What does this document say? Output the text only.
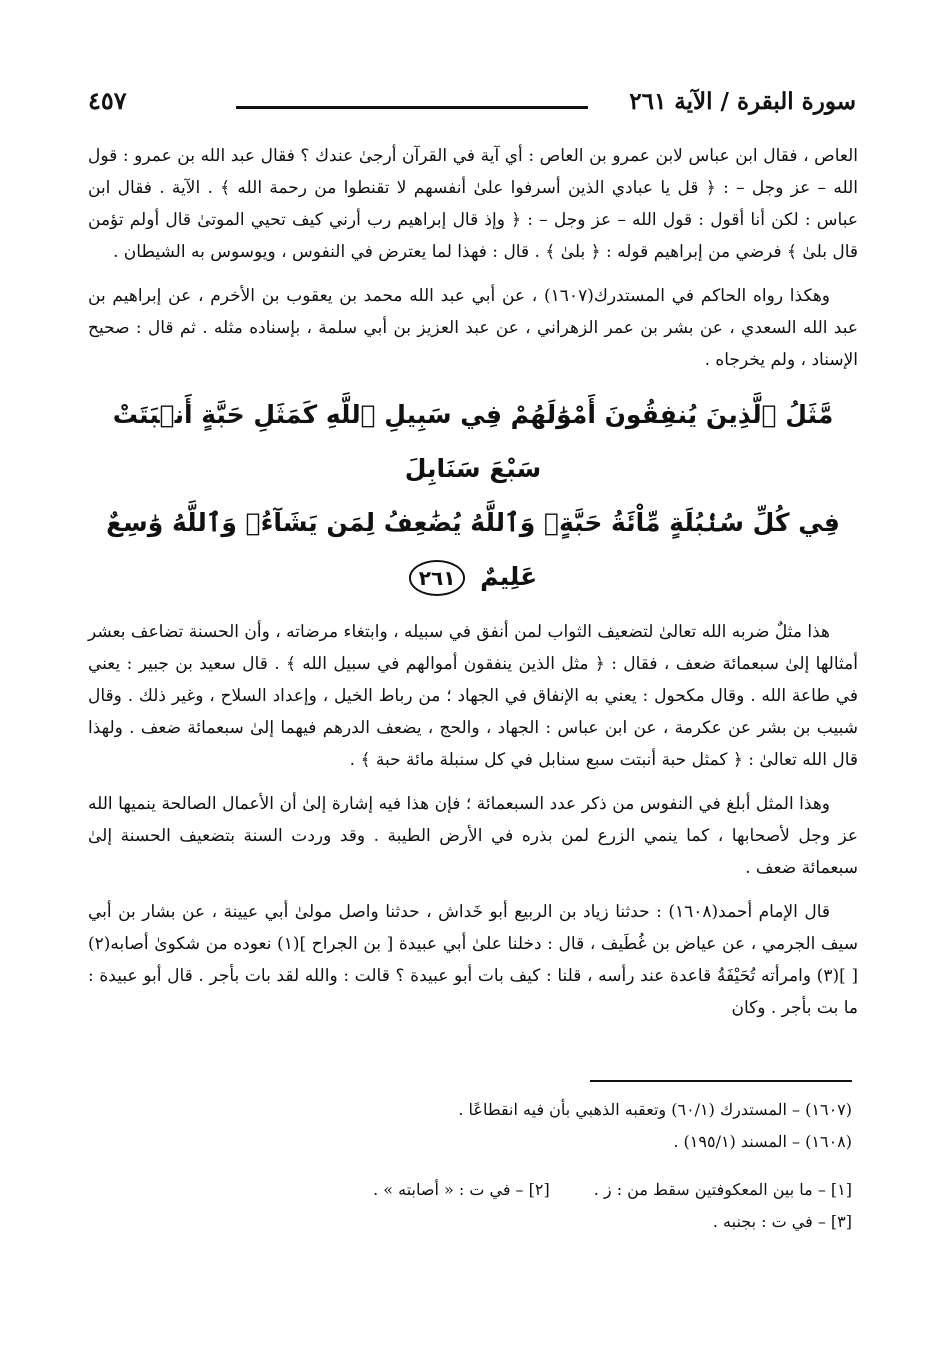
سورة البقرة / الآية ٢٦١
٤٥٧

العاص ، فقال ابن عباس لابن عمرو بن العاص : أي آية في القرآن أرجىٰ عندك ؟ فقال عبد الله بن عمرو : قول الله – عز وجل – : ﴿ قل يا عبادي الذين أسرفوا علىٰ أنفسهم لا تقنطوا من رحمة الله ﴾ . الآية . فقال ابن عباس : لكن أنا أقول : قول الله – عز وجل – : ﴿ وإذ قال إبراهيم رب أرني كيف تحيي الموتىٰ قال أولم تؤمن قال بلىٰ ﴾ فرضي من إبراهيم قوله : ﴿ بلىٰ ﴾ . قال : فهذا لما يعترض في النفوس ، ويوسوس به الشيطان .

وهكذا رواه الحاكم في المستدرك(١٦٠٧) ، عن أبي عبد الله محمد بن يعقوب بن الأخرم ، عن إبراهيم بن عبد الله السعدي ، عن بشر بن عمر الزهراني ، عن عبد العزيز بن أبي سلمة ، بإسناده مثله . ثم قال : صحيح الإسناد ، ولم يخرجاه .

مَّثَلُ ٱلَّذِينَ يُنفِقُونَ أَمْوَٰلَهُمْ فِي سَبِيلِ ٱللَّهِ كَمَثَلِ حَبَّةٍ أَنۢبَتَتْ سَبْعَ سَنَابِلَ
فِي كُلِّ سُنۢبُلَةٍ مِّاْئَةُ حَبَّةٍۗ وَٱللَّهُ يُضَٰعِفُ لِمَن يَشَآءُۗ وَٱللَّهُ وَٰسِعٌ عَلِيمٌ ٢٦١

هذا مثلٌ ضربه الله تعالىٰ لتضعيف الثواب لمن أنفق في سبيله ، وابتغاء مرضاته ، وأن الحسنة تضاعف بعشر أمثالها إلىٰ سبعمائة ضعف ، فقال : ﴿ مثل الذين ينفقون أموالهم في سبيل الله ﴾ . قال سعيد بن جبير : يعني في طاعة الله . وقال مكحول : يعني به الإنفاق في الجهاد ؛ من رباط الخيل ، وإعداد السلاح ، وغير ذلك . وقال شبيب بن بشر عن عكرمة ، عن ابن عباس : الجهاد ، والحج ، يضعف الدرهم فيهما إلىٰ سبعمائة ضعف . ولهذا قال الله تعالىٰ : ﴿ كمثل حبة أنبتت سبع سنابل في كل سنبلة مائة حبة ﴾ .

وهذا المثل أبلغ في النفوس من ذكر عدد السبعمائة ؛ فإن هذا فيه إشارة إلىٰ أن الأعمال الصالحة ينميها الله عز وجل لأصحابها ، كما ينمي الزرع لمن بذره في الأرض الطيبة . وقد وردت السنة بتضعيف الحسنة إلىٰ سبعمائة ضعف .

قال الإمام أحمد(١٦٠٨) : حدثنا زياد بن الربيع أبو خَداش ، حدثنا واصل مولىٰ أبي عيينة ، عن بشار بن أبي سيف الجرمي ، عن عياض بن غُطَيف ، قال : دخلنا علىٰ أبي عبيدة [ بن الجراح ](١) نعوده من شكوىٰ أصابه(٢) [ ](٣) وامرأته تُحَيْفَةُ قاعدة عند رأسه ، قلنا : كيف بات أبو عبيدة ؟ قالت : والله لقد بات بأجر . قال أبو عبيدة : ما بت بأجر . وكان

(١٦٠٧) – المستدرك (٦٠/١) وتعقبه الذهبي بأن فيه انقطاعًا .
(١٦٠٨) – المسند (١٩٥/١) .
[١] – ما بين المعكوفتين سقط من : ز .
[٢] – في ت : « أصابته » .
[٣] – في ت : بجنبه .
